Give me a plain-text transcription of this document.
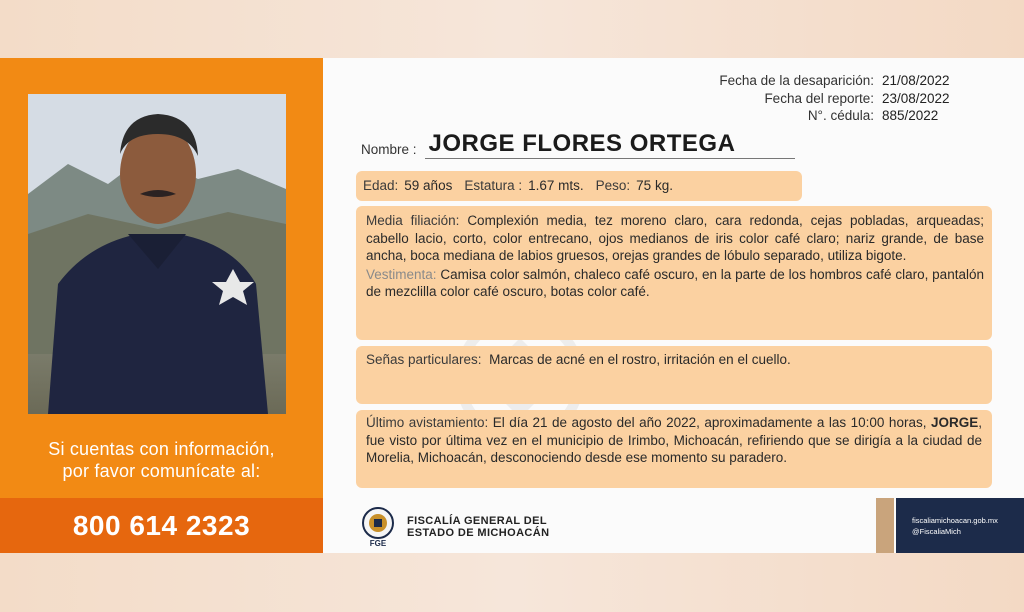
Si cuentas con información,
por favor comunícate al:
800 614 2323
Fecha de la desaparición: 21/08/2022
Fecha del reporte: 23/08/2022
N°. cédula: 885/2022
Nombre : JORGE FLORES ORTEGA
Edad: 59 años Estatura : 1.67 mts. Peso: 75 kg.

Media filiación: Complexión media, tez moreno claro, cara redonda, cejas pobladas, arqueadas; cabello lacio, corto, color entrecano, ojos medianos de iris color café claro; nariz grande, de base ancha, boca mediana de labios gruesos, orejas grandes de lóbulo separado, utiliza bigote.

Vestimenta: Camisa color salmón, chaleco café oscuro, en la parte de los hombros café claro, pantalón de mezclilla color café oscuro, botas color café.

Señas particulares: Marcas de acné en el rostro, irritación en el cuello.
Último avistamiento: El día 21 de agosto del año 2022, aproximadamente a las 10:00 horas, JORGE, fue visto por última vez en el municipio de Irimbo, Michoacán, refiriendo que se dirigía a la ciudad de Morelia, Michoacán, desconociendo desde ese momento su paradero.
FGE
FISCALÍA GENERAL DEL
ESTADO DE MICHOACÁN
fiscaliamichoacan.gob.mx
@FiscaliaMich
